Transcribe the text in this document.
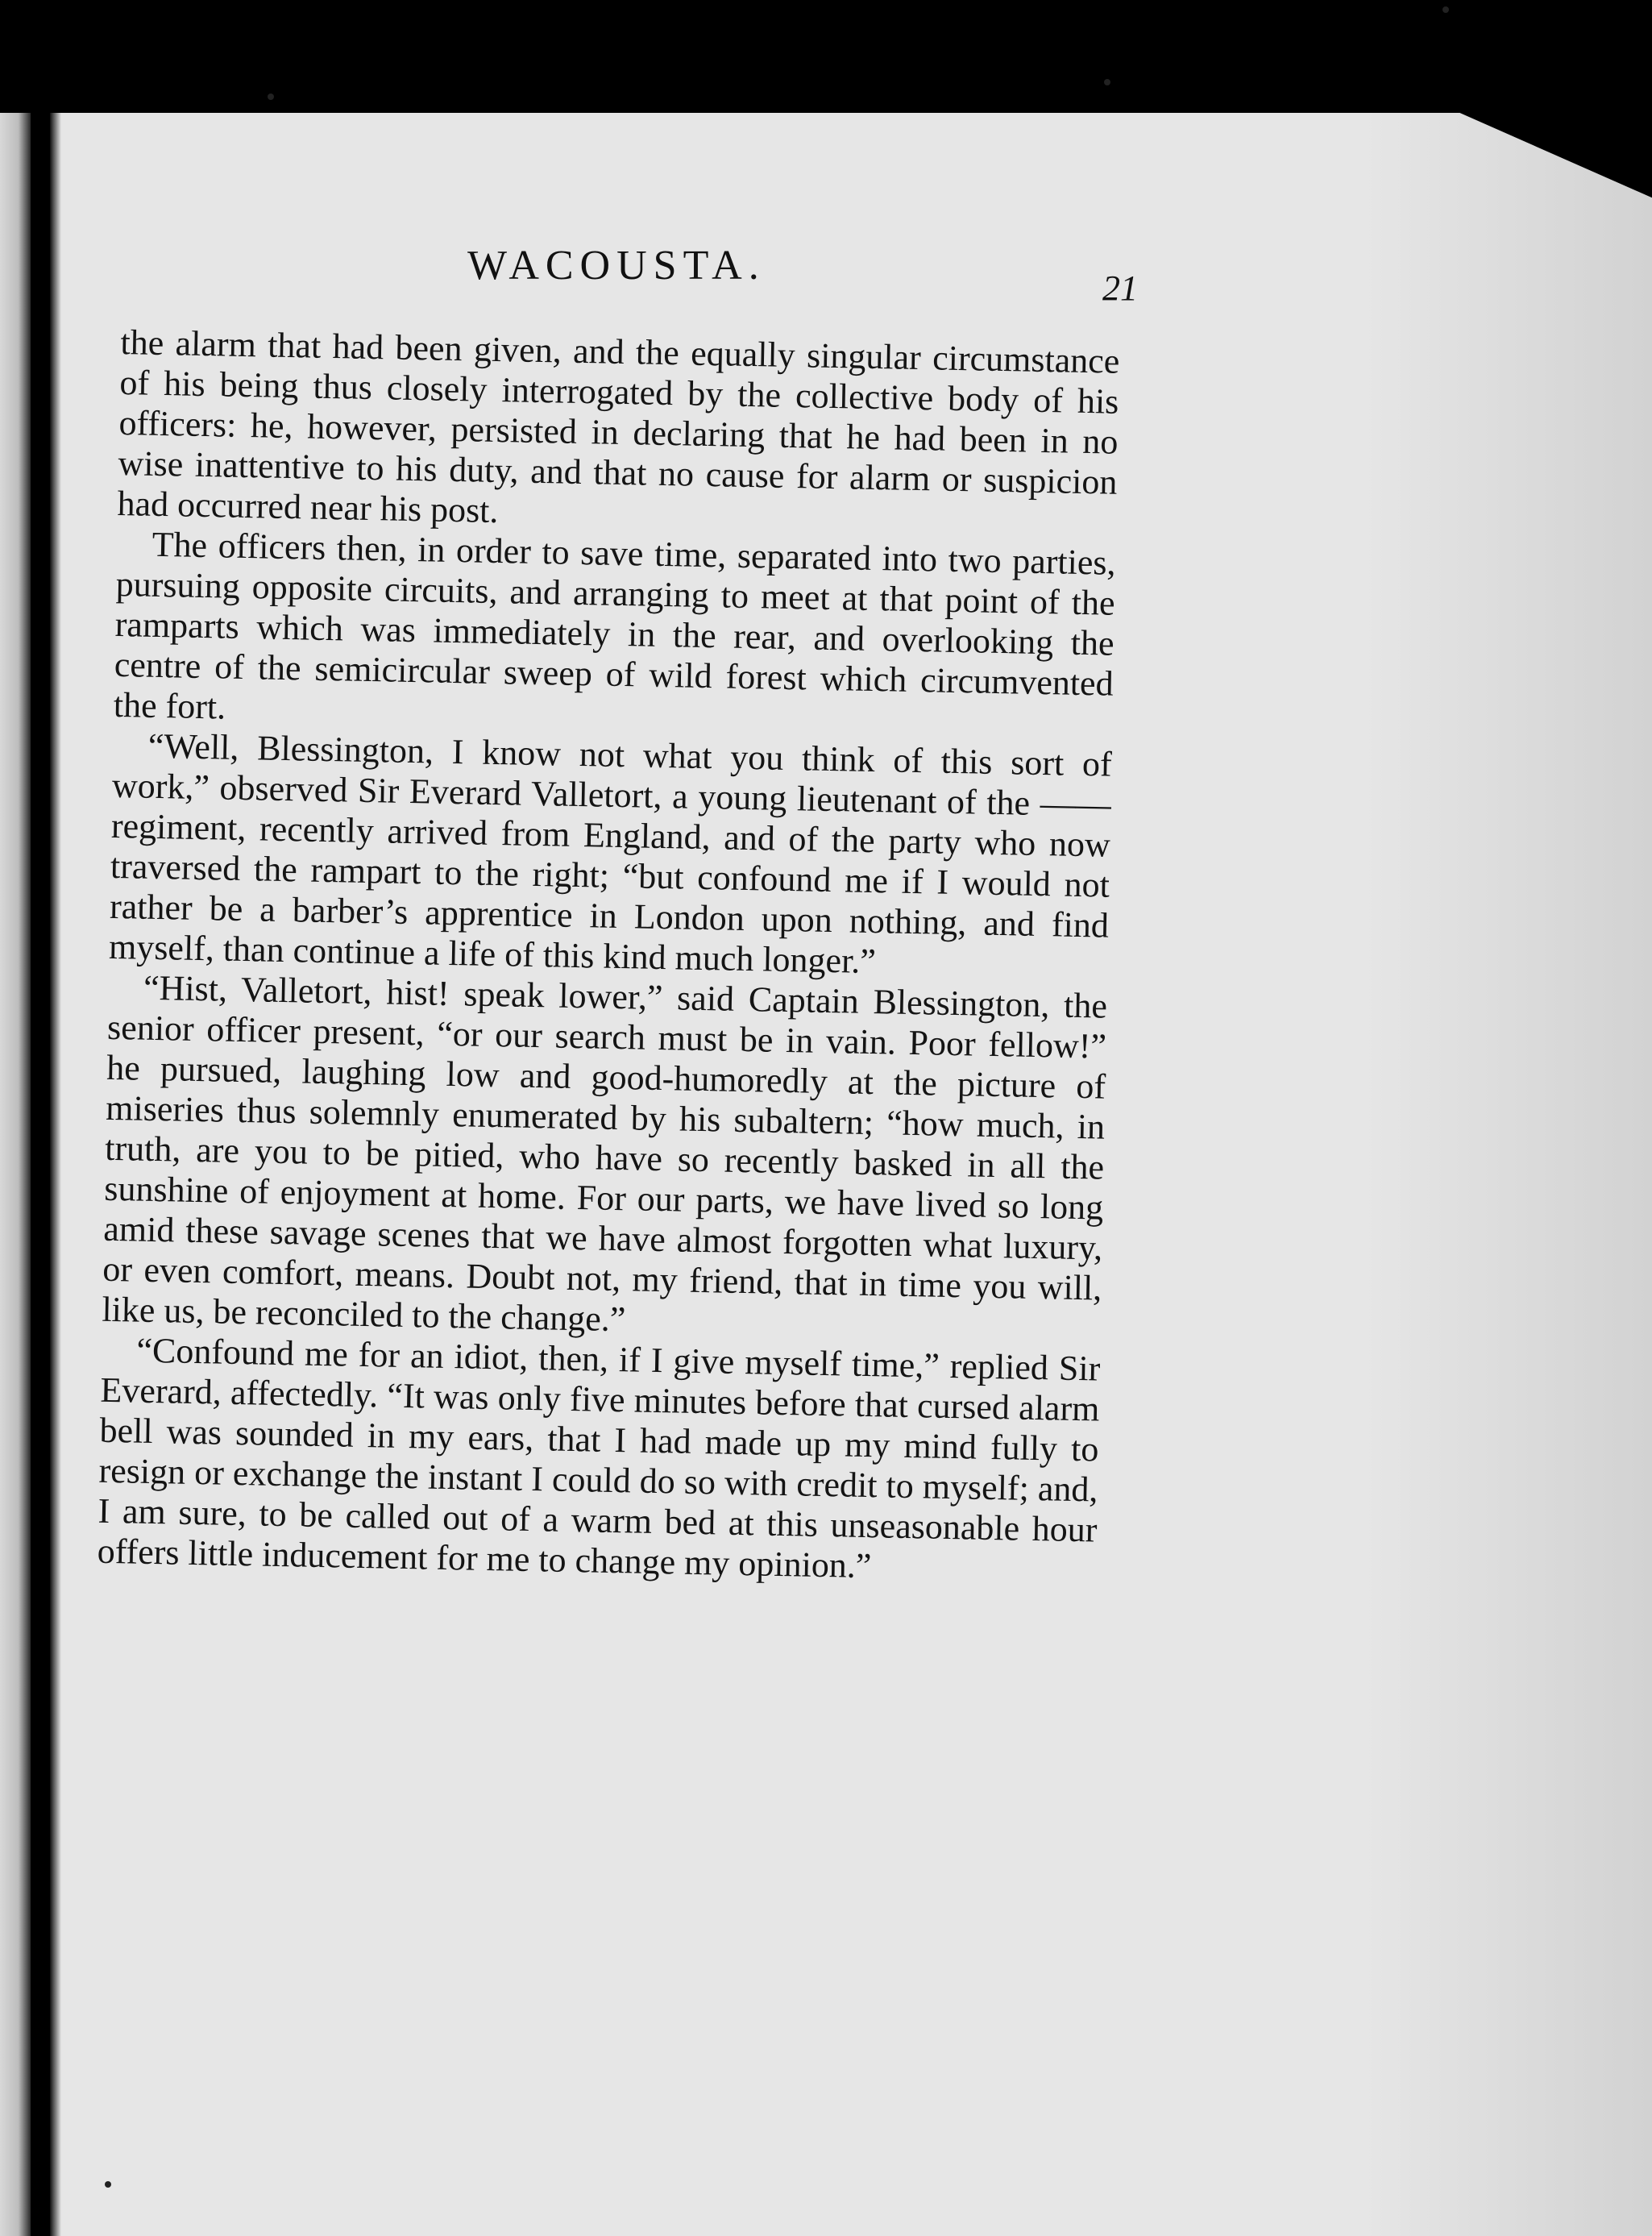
WACOUSTA.	21

the alarm that had been given, and the equally singular circumstance of his being thus closely interrogated by the collective body of his officers: he, however, persisted in declaring that he had been in no wise inattentive to his duty, and that no cause for alarm or suspicion had occurred near his post.

The officers then, in order to save time, separated into two parties, pursuing opposite circuits, and arranging to meet at that point of the ramparts which was immediately in the rear, and overlooking the centre of the semicircular sweep of wild forest which circumvented the fort.

“Well, Blessington, I know not what you think of this sort of work,” observed Sir Everard Valletort, a young lieutenant of the —— regiment, recently arrived from England, and of the party who now traversed the rampart to the right; “but confound me if I would not rather be a barber’s apprentice in London upon nothing, and find myself, than continue a life of this kind much longer.”

“Hist, Valletort, hist! speak lower,” said Captain Blessington, the senior officer present, “or our search must be in vain. Poor fellow!” he pursued, laughing low and good-humoredly at the picture of miseries thus solemnly enumerated by his subaltern; “how much, in truth, are you to be pitied, who have so recently basked in all the sunshine of enjoyment at home. For our parts, we have lived so long amid these savage scenes that we have almost forgotten what luxury, or even comfort, means. Doubt not, my friend, that in time you will, like us, be reconciled to the change.”

“Confound me for an idiot, then, if I give myself time,” replied Sir Everard, affectedly. “It was only five minutes before that cursed alarm bell was sounded in my ears, that I had made up my mind fully to resign or exchange the instant I could do so with credit to myself; and, I am sure, to be called out of a warm bed at this unseasonable hour offers little inducement for me to change my opinion.”
